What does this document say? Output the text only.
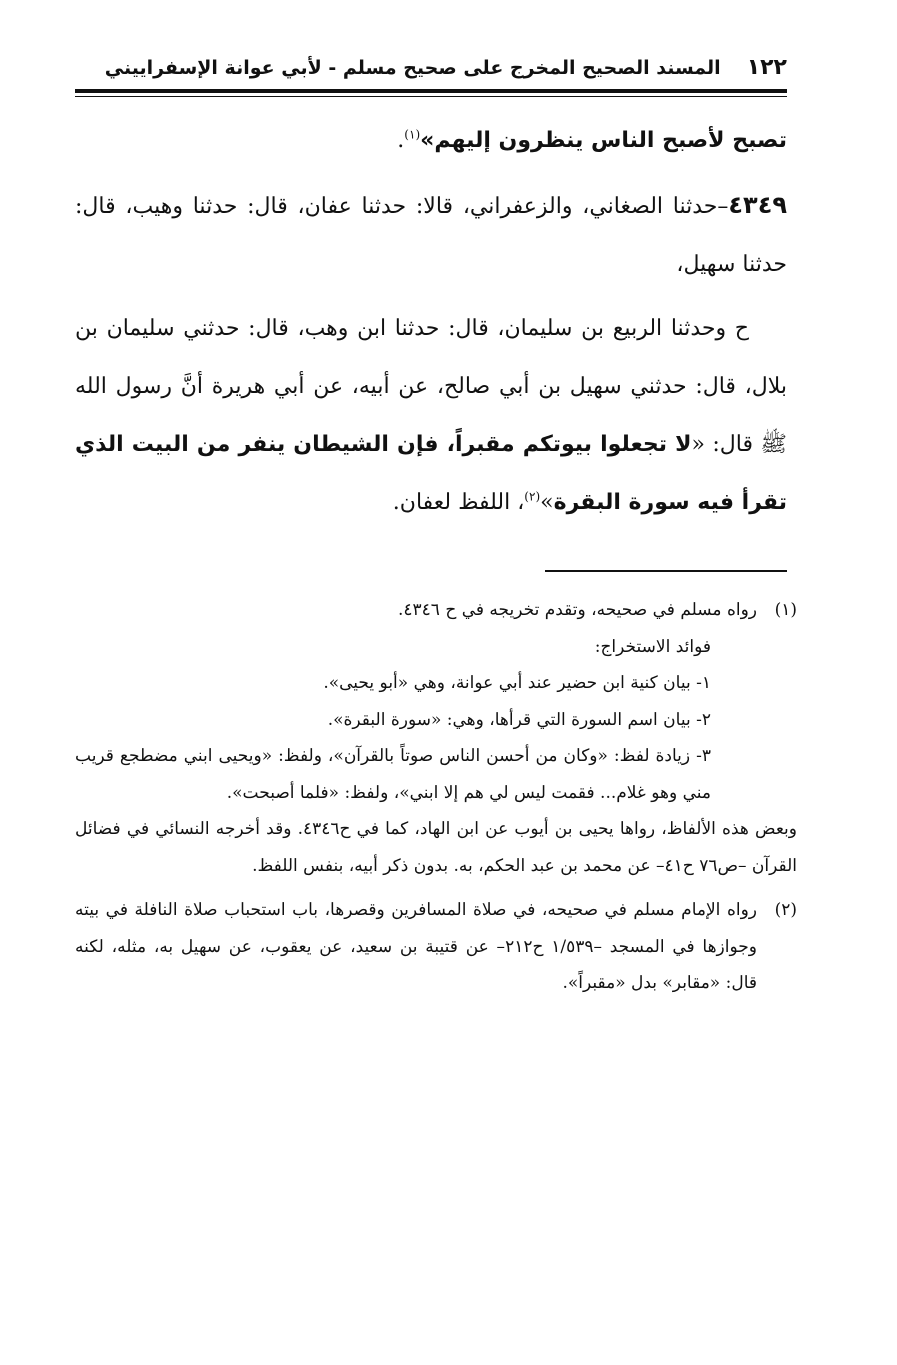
١٢٢
المسند الصحيح المخرج على صحيح مسلم - لأبي عوانة الإسفراييني

تصبح لأصبح الناس ينظرون إليهم»$^{(١)}$.

٤٣٤٩–حدثنا الصغاني، والزعفراني، قالا: حدثنا عفان، قال: حدثنا وهيب، قال: حدثنا سهيل،

ح وحدثنا الربيع بن سليمان، قال: حدثنا ابن وهب، قال: حدثني سليمان بن بلال، قال: حدثني سهيل بن أبي صالح، عن أبيه، عن أبي هريرة أنَّ رسول الله ﷺ قال: «لا تجعلوا بيوتكم مقبراً، فإن الشيطان ينفر من البيت الذي تقرأ فيه سورة البقرة»$^{(٢)}$، اللفظ لعفان.

(١)

رواه مسلم في صحيحه، وتقدم تخريجه في ح ٤٣٤٦.

فوائد الاستخراج:

١- بيان كنية ابن حضير عند أبي عوانة، وهي «أبو يحيى».

٢- بيان اسم السورة التي قرأها، وهي: «سورة البقرة».

٣- زيادة لفظ: «وكان من أحسن الناس صوتاً بالقرآن»، ولفظ: «ويحيى ابني مضطجع قريب مني وهو غلام... فقمت ليس لي هم إلا ابني»، ولفظ: «فلما أصبحت».

وبعض هذه الألفاظ، رواها يحيى بن أيوب عن ابن الهاد، كما في ح٤٣٤٦. وقد أخرجه النسائي في فضائل القرآن –ص٧٦ ح٤١– عن محمد بن عبد الحكم، به. بدون ذكر أبيه، بنفس اللفظ.

(٢)

رواه الإمام مسلم في صحيحه، في صلاة المسافرين وقصرها، باب استحباب صلاة النافلة في بيته وجوازها في المسجد –١/٥٣٩ ح٢١٢– عن قتيبة بن سعيد، عن يعقوب، عن سهيل به، مثله، لكنه قال: «مقابر» بدل «مقبراً».
